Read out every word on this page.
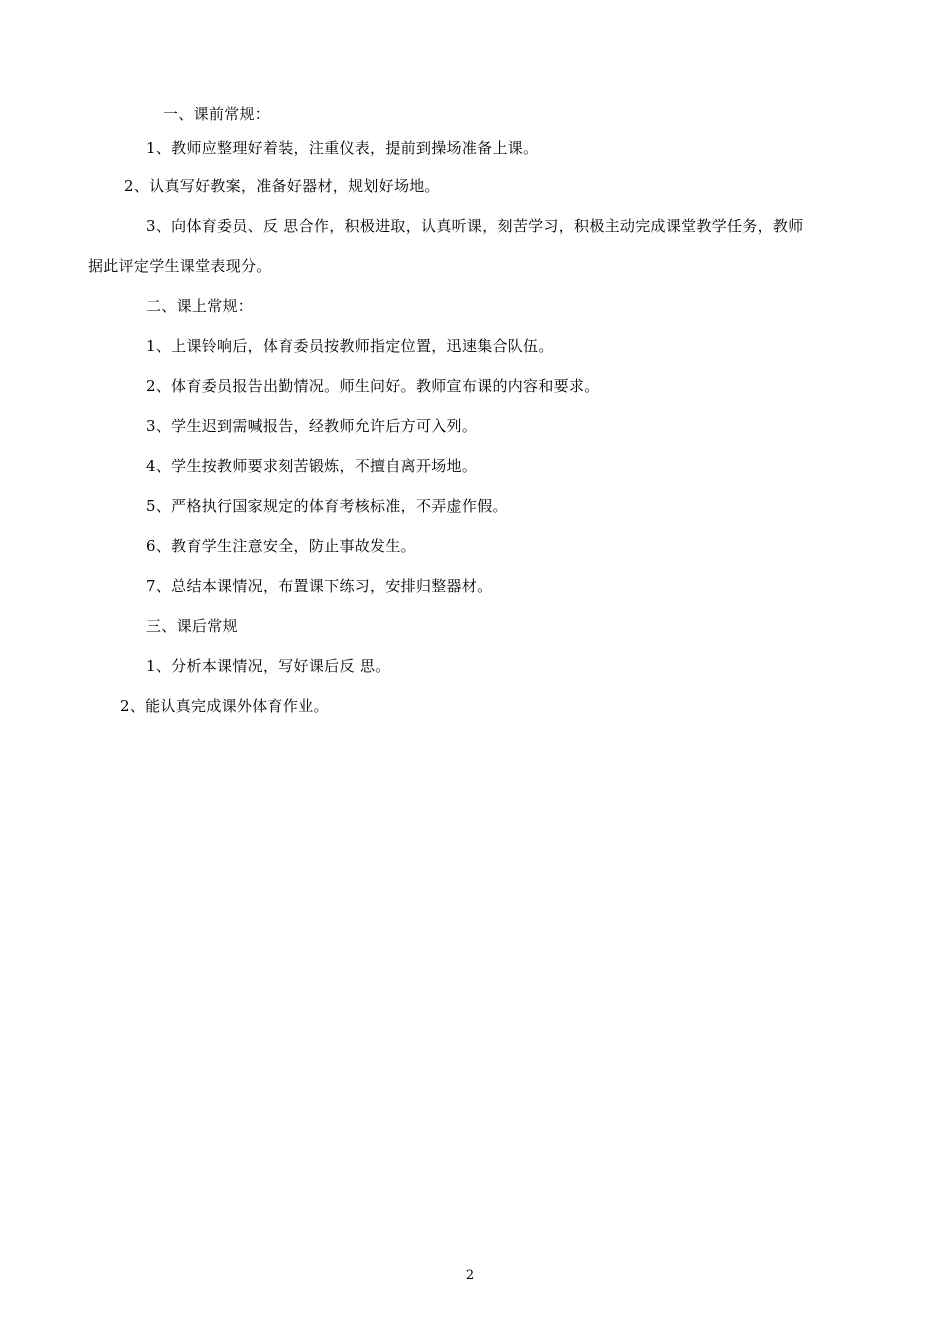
一、课前常规：
1、教师应整理好着装，注重仪表，提前到操场准备上课。
2、认真写好教案，准备好器材，规划好场地。
3、向体育委员、反 思合作，积极进取，认真听课，刻苦学习，积极主动完成课堂教学任务，教师
据此评定学生课堂表现分。
二、课上常规：
1、上课铃响后，体育委员按教师指定位置，迅速集合队伍。
2、体育委员报告出勤情况。师生问好。教师宣布课的内容和要求。
3、学生迟到需喊报告，经教师允许后方可入列。
4、学生按教师要求刻苦锻炼，不擅自离开场地。
5、严格执行国家规定的体育考核标准，不弄虚作假。
6、教育学生注意安全，防止事故发生。
7、总结本课情况，布置课下练习，安排归整器材。
三、课后常规
1、分析本课情况，写好课后反 思。
2、能认真完成课外体育作业。
2
